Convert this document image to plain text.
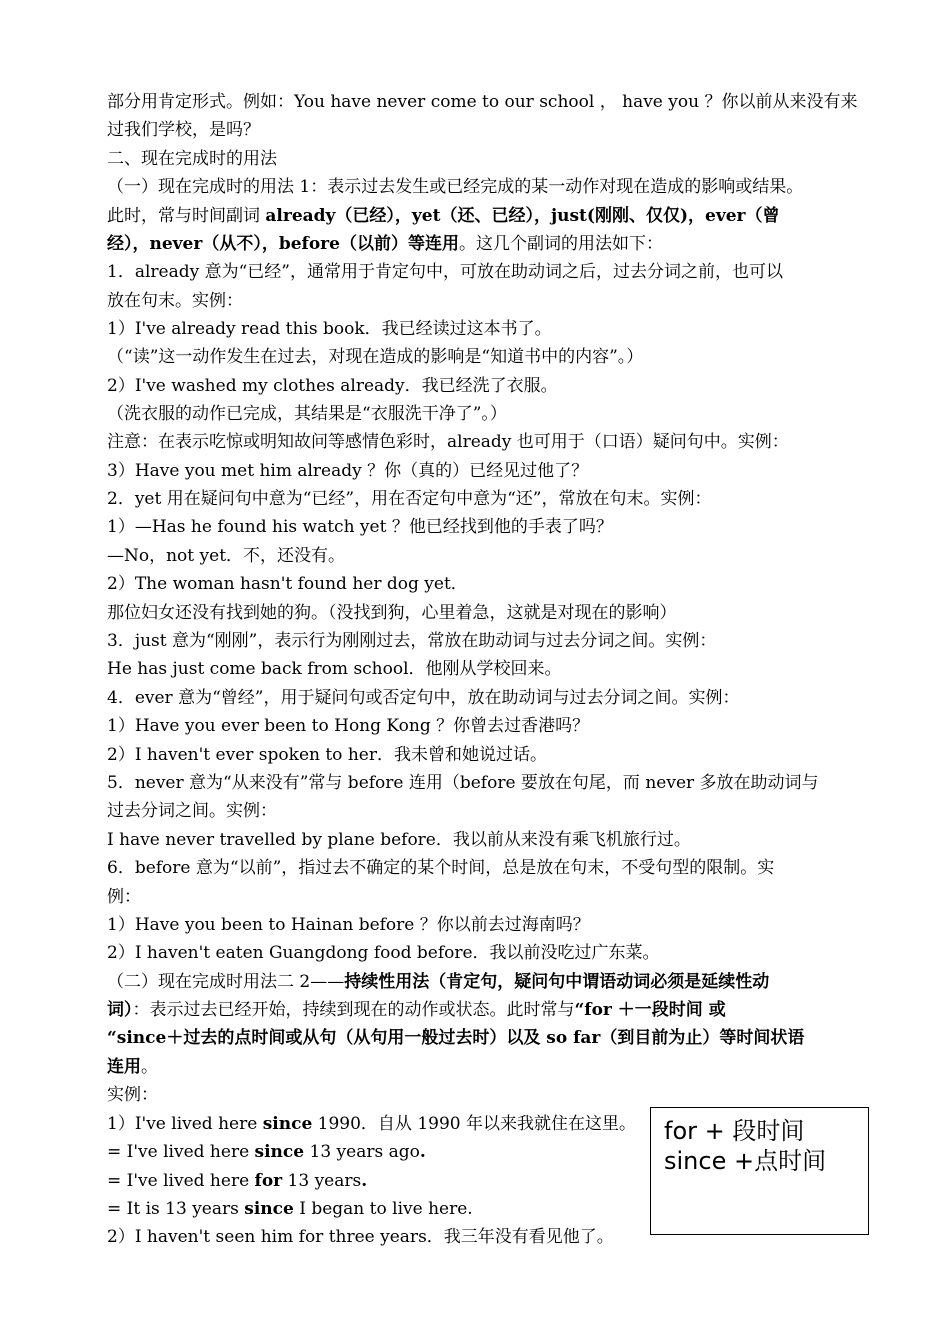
部分用肯定形式。例如：You have never come to our school ， have you ？你以前从来没有来
过我们学校，是吗？
二、现在完成时的用法
（一）现在完成时的用法 1：表示过去发生或已经完成的某一动作对现在造成的影响或结果。
此时，常与时间副词 already（已经），yet（还、已经），just(刚刚、仅仅)，ever（曾
经），never（从不），before（以前）等连用。这几个副词的用法如下：
1．already 意为“已经”，通常用于肯定句中，可放在助动词之后，过去分词之前，也可以
放在句末。实例：
1）I've already read this book．我已经读过这本书了。
（“读”这一动作发生在过去，对现在造成的影响是“知道书中的内容”。）
2）I've washed my clothes already．我已经洗了衣服。
（洗衣服的动作已完成，其结果是“衣服洗干净了”。）
注意：在表示吃惊或明知故问等感情色彩时，already 也可用于（口语）疑问句中。实例：
3）Have you met him already ？你（真的）已经见过他了？
2．yet 用在疑问句中意为“已经”，用在否定句中意为“还”，常放在句末。实例：
1）—Has he found his watch yet ？他已经找到他的手表了吗？
—No，not yet．不，还没有。
2）The woman hasn't found her dog yet．
那位妇女还没有找到她的狗。（没找到狗，心里着急，这就是对现在的影响）
3．just 意为“刚刚”，表示行为刚刚过去，常放在助动词与过去分词之间。实例：
He has just come back from school．他刚从学校回来。
4．ever 意为“曾经”，用于疑问句或否定句中，放在助动词与过去分词之间。实例：
1）Have you ever been to Hong Kong ？你曾去过香港吗？
2）I haven't ever spoken to her．我未曾和她说过话。
5．never 意为“从来没有”常与 before 连用（before 要放在句尾，而 never 多放在助动词与
过去分词之间。实例：
I have never travelled by plane before．我以前从来没有乘飞机旅行过。
6．before 意为“以前”，指过去不确定的某个时间，总是放在句末，不受句型的限制。实
例：
1）Have you been to Hainan before ？你以前去过海南吗？
2）I haven't eaten Guangdong food before．我以前没吃过广东菜。
（二）现在完成时用法二 2——持续性用法（肯定句，疑问句中谓语动词必须是延续性动
词）：表示过去已经开始，持续到现在的动作或状态。此时常与“for ＋一段时间 或
“since＋过去的点时间或从句（从句用一般过去时）以及 so far（到目前为止）等时间状语
连用。
实例：
1）I've lived here since 1990．自从 1990 年以来我就住在这里。
= I've lived here since 13 years ago.
= I've lived here for 13 years.
= It is 13 years since I began to live here.
2）I haven't seen him for three years．我三年没有看见他了。
for + 段时间
since +点时间
